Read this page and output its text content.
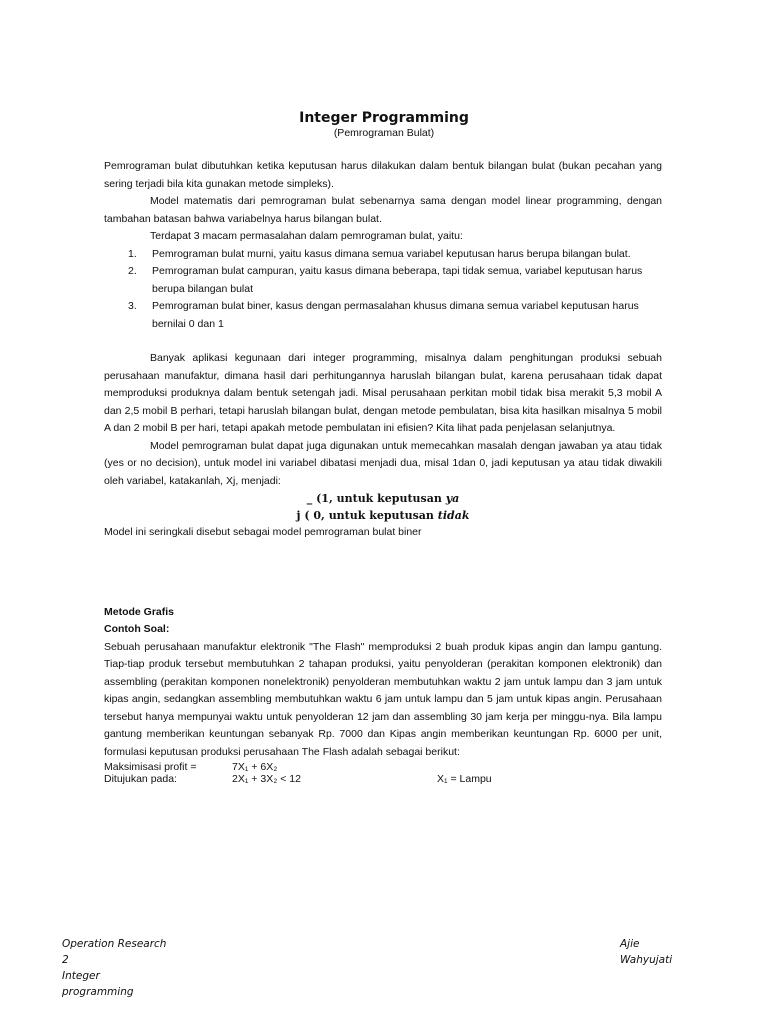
Integer Programming
(Pemrograman Bulat)

Pemrograman bulat dibutuhkan ketika keputusan harus dilakukan dalam bentuk bilangan bulat (bukan pecahan yang sering terjadi bila kita gunakan metode simpleks).

Model matematis dari pemrograman bulat sebenarnya sama dengan model linear programming, dengan tambahan batasan bahwa variabelnya harus bilangan bulat.

Terdapat 3 macam permasalahan dalam pemrograman bulat, yaitu:

1. Pemrograman bulat murni, yaitu kasus dimana semua variabel keputusan harus berupa bilangan bulat.
2. Pemrograman bulat campuran, yaitu kasus dimana beberapa, tapi tidak semua, variabel keputusan harus berupa bilangan bulat
3. Pemrograman bulat biner, kasus dengan permasalahan khusus dimana semua variabel keputusan harus bernilai 0 dan 1

Banyak aplikasi kegunaan dari integer programming, misalnya dalam penghitungan produksi sebuah perusahaan manufaktur, dimana hasil dari perhitungannya haruslah bilangan bulat, karena perusahaan tidak dapat memproduksi produknya dalam bentuk setengah jadi. Misal perusahaan perkitan mobil tidak bisa merakit 5,3 mobil A dan 2,5 mobil B perhari, tetapi haruslah bilangan bulat, dengan metode pembulatan, bisa kita hasilkan misalnya 5 mobil A dan 2 mobil B per hari, tetapi apakah metode pembulatan ini efisien? Kita lihat pada penjelasan selanjutnya.

Model pemrograman bulat dapat juga digunakan untuk memecahkan masalah dengan jawaban ya atau tidak (yes or no decision), untuk model ini variabel dibatasi menjadi dua, misal 1dan 0, jadi keputusan ya atau tidak diwakili oleh variabel, katakanlah, Xj, menjadi:

_ (1, untuk keputusan ya
j ( 0, untuk keputusan tidak

Model ini seringkali disebut sebagai model pemrograman bulat biner

Metode Grafis
Contoh Soal:

Sebuah perusahaan manufaktur elektronik "The Flash" memproduksi 2 buah produk kipas angin dan lampu gantung. Tiap-tiap produk tersebut membutuhkan 2 tahapan produksi, yaitu penyolderan (perakitan komponen elektronik) dan assembling (perakitan komponen nonelektronik) penyolderan membutuhkan waktu 2 jam untuk lampu dan 3 jam untuk kipas angin, sedangkan assembling membutuhkan waktu 6 jam untuk lampu dan 5 jam untuk kipas angin. Perusahaan tersebut hanya mempunyai waktu untuk penyolderan 12 jam dan assembling 30 jam kerja per minggu-nya. Bila lampu gantung memberikan keuntungan sebanyak Rp. 7000 dan Kipas angin memberikan keuntungan Rp. 6000 per unit, formulasi keputusan produksi perusahaan The Flash adalah sebagai berikut:

Maksimisasi profit =	7X₁ + 6X₂
Ditujukan pada:	2X₁ + 3X₂ < 12	X₁ = Lampu
Operation Research
2
Integer
programming
Ajie
Wahyujati
